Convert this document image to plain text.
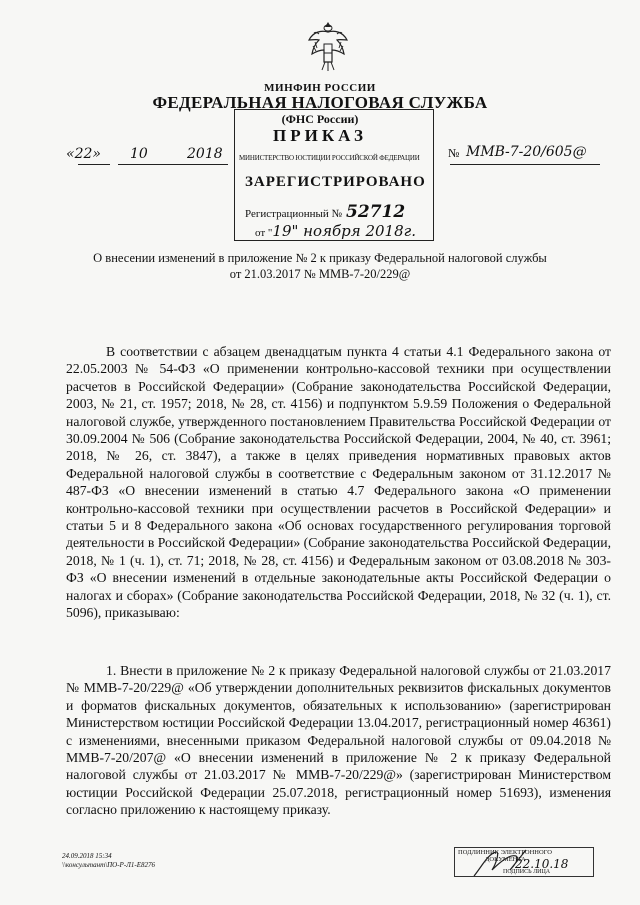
МИНФИН РОССИИ
ФЕДЕРАЛЬНАЯ НАЛОГОВАЯ СЛУЖБА
(ФНС России)
ПРИКАЗ
МИНИСТЕРСТВО ЮСТИЦИИ РОССИЙСКОЙ ФЕДЕРАЦИИ
ЗАРЕГИСТРИРОВАНО
Регистрационный № 52712
от "19" ноября 2018г.
«22» 10	2018	№ ММВ-7-20/605@
О внесении изменений в приложение № 2 к приказу Федеральной налоговой службы от 21.03.2017 № ММВ-7-20/229@
В соответствии с абзацем двенадцатым пункта 4 статьи 4.1 Федерального закона от 22.05.2003 № 54-ФЗ «О применении контрольно-кассовой техники при осуществлении расчетов в Российской Федерации» (Собрание законодательства Российской Федерации, 2003, № 21, ст. 1957; 2018, № 28, ст. 4156) и подпунктом 5.9.59 Положения о Федеральной налоговой службе, утвержденного постановлением Правительства Российской Федерации от 30.09.2004 № 506 (Собрание законодательства Российской Федерации, 2004, № 40, ст. 3961; 2018, № 26, ст. 3847), а также в целях приведения нормативных правовых актов Федеральной налоговой службы в соответствие с Федеральным законом от 31.12.2017 № 487-ФЗ «О внесении изменений в статью 4.7 Федерального закона «О применении контрольно-кассовой техники при осуществлении расчетов в Российской Федерации» и статьи 5 и 8 Федерального закона «Об основах государственного регулирования торговой деятельности в Российской Федерации» (Собрание законодательства Российской Федерации, 2018, № 1 (ч. 1), ст. 71; 2018, № 28, ст. 4156) и Федеральным законом от 03.08.2018 № 303-ФЗ «О внесении изменений в отдельные законодательные акты Российской Федерации о налогах и сборах» (Собрание законодательства Российской Федерации, 2018, № 32 (ч. 1), ст. 5096), приказываю:
1. Внести в приложение № 2 к приказу Федеральной налоговой службы от 21.03.2017 № ММВ-7-20/229@ «Об утверждении дополнительных реквизитов фискальных документов и форматов фискальных документов, обязательных к использованию» (зарегистрирован Министерством юстиции Российской Федерации 13.04.2017, регистрационный номер 46361) с изменениями, внесенными приказом Федеральной налоговой службы от 09.04.2018 № ММВ-7-20/207@ «О внесении изменений в приложение № 2 к приказу Федеральной налоговой службы от 21.03.2017 № ММВ-7-20/229@» (зарегистрирован Министерством юстиции Российской Федерации 25.07.2018, регистрационный номер 51693), изменения согласно приложению к настоящему приказу.
24.09.2018 15:34
\\консультант\ПО-Р-Л1-Е8276
ПОДЛИННИК ЭЛЕКТРОННОГО
ДОКУМЕНТА
22.10.18
ПОДПИСЬ ЛИЦА
